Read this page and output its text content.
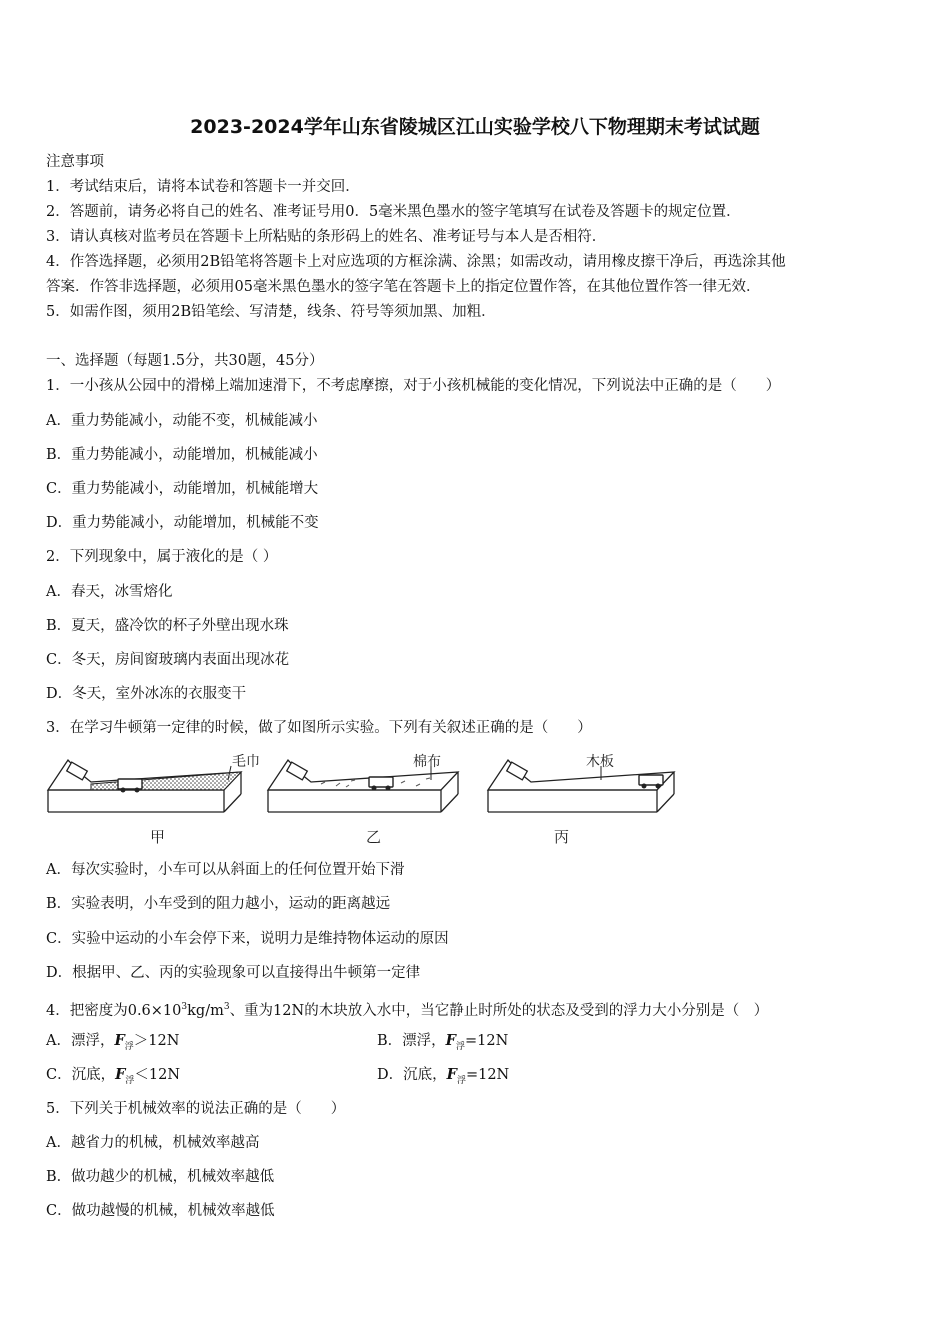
2023-2024学年山东省陵城区江山实验学校八下物理期末考试试题
注意事项
1．考试结束后，请将本试卷和答题卡一并交回．
2．答题前，请务必将自己的姓名、准考证号用0．5毫米黑色墨水的签字笔填写在试卷及答题卡的规定位置．
3．请认真核对监考员在答题卡上所粘贴的条形码上的姓名、准考证号与本人是否相符．
4．作答选择题，必须用2B铅笔将答题卡上对应选项的方框涂满、涂黑；如需改动，请用橡皮擦干净后，再选涂其他
答案．作答非选择题，必须用05毫米黑色墨水的签字笔在答题卡上的指定位置作答，在其他位置作答一律无效．
5．如需作图，须用2B铅笔绘、写清楚，线条、符号等须加黑、加粗．
一、选择题（每题1.5分，共30题，45分）
1．一小孩从公园中的滑梯上端加速滑下，不考虑摩擦，对于小孩机械能的变化情况，下列说法中正确的是（　　）
A．重力势能减小，动能不变，机械能减小
B．重力势能减小，动能增加，机械能减小
C．重力势能减小，动能增加，机械能增大
D．重力势能减小，动能增加，机械能不变
2．下列现象中，属于液化的是（ ）
A．春天，冰雪熔化
B．夏天，盛冷饮的杯子外壁出现水珠
C．冬天，房间窗玻璃内表面出现冰花
D．冬天，室外冰冻的衣服变干
3．在学习牛顿第一定律的时候，做了如图所示实验。下列有关叙述正确的是（　　）
毛巾	棉布	木板
甲	乙	丙
A．每次实验时，小车可以从斜面上的任何位置开始下滑
B．实验表明，小车受到的阻力越小，运动的距离越远
C．实验中运动的小车会停下来，说明力是维持物体运动的原因
D．根据甲、乙、丙的实验现象可以直接得出牛顿第一定律
4．把密度为$0.6\times 10^3kg/m^3$、重为12N的木块放入水中，当它静止时所处的状态及受到的浮力大小分别是（　）
A．漂浮，$F_浮>12N$	B．漂浮，$F_浮=12N$
C．沉底，$F_浮<12N$	D．沉底，$F_浮=12N$
5．下列关于机械效率的说法正确的是（　　）
A．越省力的机械，机械效率越高
B．做功越少的机械，机械效率越低
C．做功越慢的机械，机械效率越低
